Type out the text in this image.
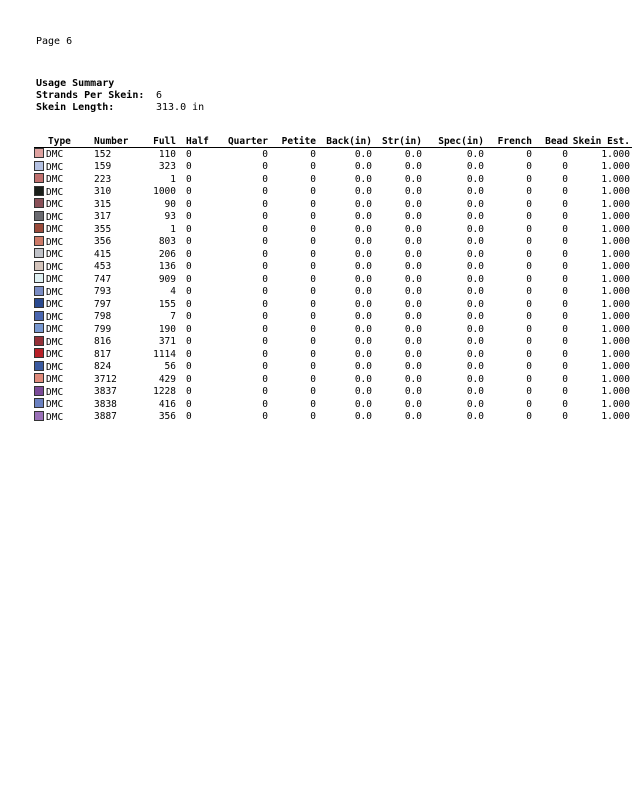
Page 6
Usage Summary
Strands Per Skein:	6
Skein Length:	313.0 in
Type	Number	Full	Half	Quarter	Petite	Back(in)	Str(in)	Spec(in)	French	Bead	Skein Est.
DMC	152	110	0	0	0	0.0	0.0	0.0	0	0	1.000
DMC	159	323	0	0	0	0.0	0.0	0.0	0	0	1.000
DMC	223	1	0	0	0	0.0	0.0	0.0	0	0	1.000
DMC	310	1000	0	0	0	0.0	0.0	0.0	0	0	1.000
DMC	315	90	0	0	0	0.0	0.0	0.0	0	0	1.000
DMC	317	93	0	0	0	0.0	0.0	0.0	0	0	1.000
DMC	355	1	0	0	0	0.0	0.0	0.0	0	0	1.000
DMC	356	803	0	0	0	0.0	0.0	0.0	0	0	1.000
DMC	415	206	0	0	0	0.0	0.0	0.0	0	0	1.000
DMC	453	136	0	0	0	0.0	0.0	0.0	0	0	1.000
DMC	747	909	0	0	0	0.0	0.0	0.0	0	0	1.000
DMC	793	4	0	0	0	0.0	0.0	0.0	0	0	1.000
DMC	797	155	0	0	0	0.0	0.0	0.0	0	0	1.000
DMC	798	7	0	0	0	0.0	0.0	0.0	0	0	1.000
DMC	799	190	0	0	0	0.0	0.0	0.0	0	0	1.000
DMC	816	371	0	0	0	0.0	0.0	0.0	0	0	1.000
DMC	817	1114	0	0	0	0.0	0.0	0.0	0	0	1.000
DMC	824	56	0	0	0	0.0	0.0	0.0	0	0	1.000
DMC	3712	429	0	0	0	0.0	0.0	0.0	0	0	1.000
DMC	3837	1228	0	0	0	0.0	0.0	0.0	0	0	1.000
DMC	3838	416	0	0	0	0.0	0.0	0.0	0	0	1.000
DMC	3887	356	0	0	0	0.0	0.0	0.0	0	0	1.000
